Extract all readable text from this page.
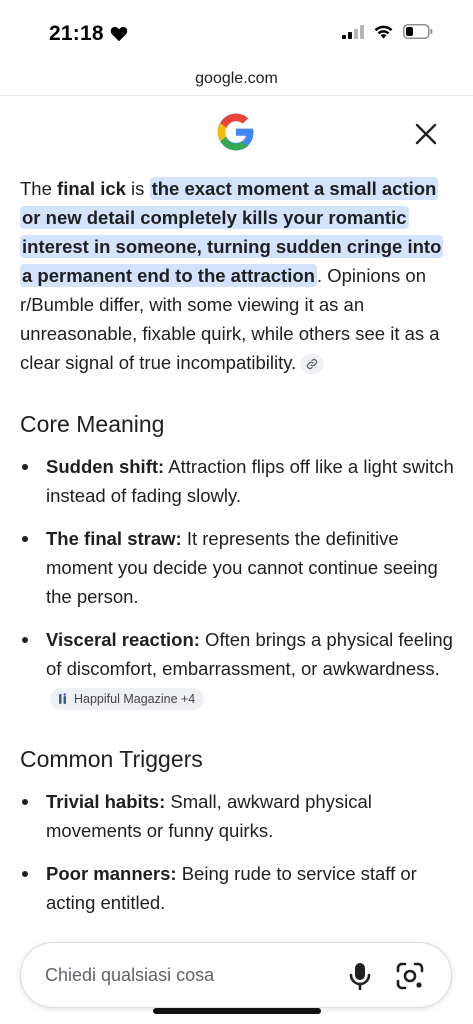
21:18
google.com

The final ick is the exact moment a small action or new detail completely kills your romantic interest in someone, turning sudden cringe into a permanent end to the attraction . Opinions on r/Bumble differ, with some viewing it as an unreasonable, fixable quirk, while others see it as a clear signal of true incompatibility.

Core Meaning
Sudden shift: Attraction flips off like a light switch instead of fading slowly.
The final straw: It represents the definitive moment you decide you cannot continue seeing the person.
Visceral reaction: Often brings a physical feeling of discomfort, embarrassment, or awkwardness.
Happiful Magazine +4
Common Triggers
Trivial habits: Small, awkward physical movements or funny quirks.
Poor manners: Being rude to service staff or acting entitled.
Chiedi qualsiasi cosa
